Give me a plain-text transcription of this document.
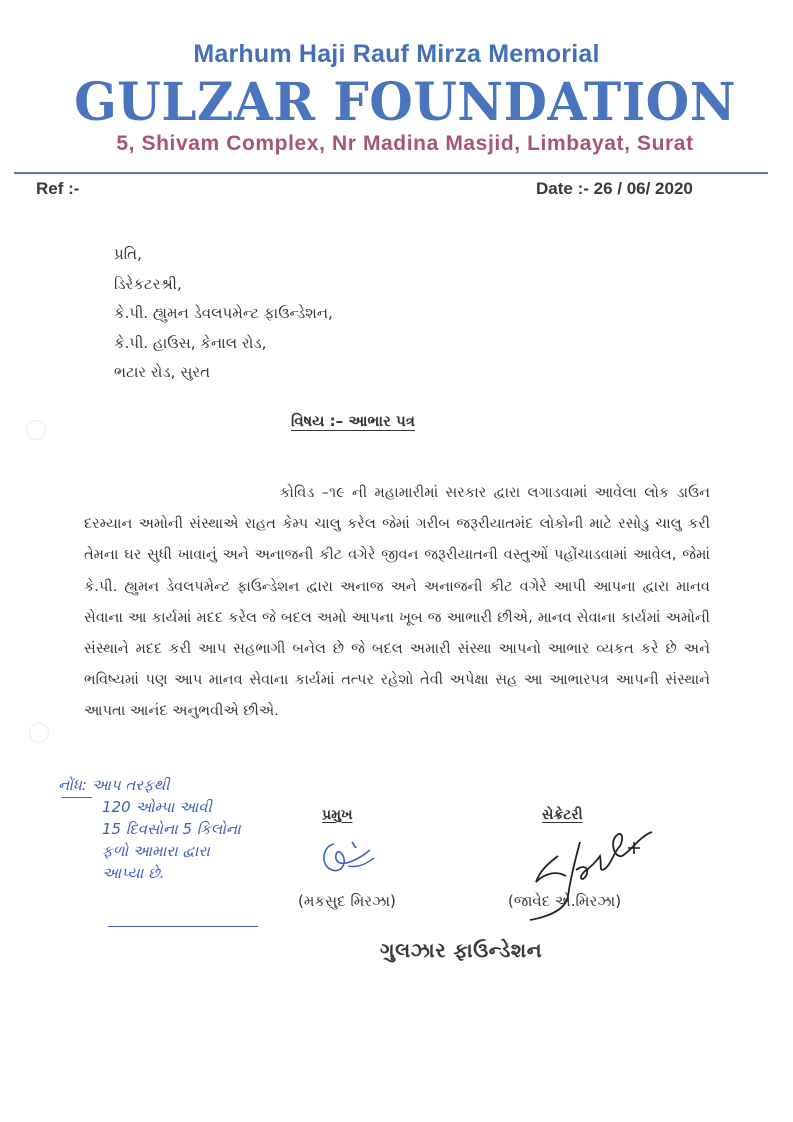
Marhum Haji Rauf Mirza Memorial
GULZAR FOUNDATION
5, Shivam Complex, Nr Madina Masjid, Limbayat, Surat
Ref :-	Date :- 26 / 06/ 2020
પ્રતિ,
ડિરેકટરશ્રી,
કે.પી. હ્યુમન ડેવલપમેન્ટ ફાઉન્ડેશન,
કે.પી. હાઉસ, કેનાલ રોડ,
ભટાર રોડ, સુરત
વિષય :– આભાર પત્ર
કોવિડ –૧૯ ની મહામારીમાં સરકાર દ્વારા લગાડવામાં આવેલા લોક ડાઉન દરમ્યાન અમોની સંસ્થાએ રાહત કેમ્પ ચાલુ કરેલ જેમાં ગરીબ જરૂરીયાતમંદ લોકોની માટે રસોડુ ચાલુ કરી તેમના ઘર સુધી ખાવાનું અને અનાજની કીટ વગેરે જીવન જરૂરીયાતની વસ્તુઓં પહોંચાડવામાં આવેલ, જેમાં કે.પી. હ્યુમન ડેવલપમેન્ટ ફાઉન્ડેશન દ્વારા અનાજ અને અનાજની કીટ વગેરે આપી આપના દ્વારા માનવ સેવાના આ કાર્યમાં મદદ કરેલ જે બદલ અમો આપના ખૂબ જ આભારી છીએ, માનવ સેવાના કાર્યમાં અમોની સંસ્થાને મદદ કરી આપ સહભાગી બનેલ છે જે બદલ અમારી સંસ્થા આપનો આભાર વ્યકત કરે છે અને ભવિષ્યમાં પણ આપ માનવ સેવાના કાર્યમાં તત્પર રહેશો તેવી અપેક્ષા સહ આ આભારપત્ર આપની સંસ્થાને આપતા આનંદ અનુભવીએ છીએ.
નોંધ: આપ તરફથી
120 ઓમ્પા આવી
15 દિવસોના 5 કિલોના
ફળો આમારા દ્વારા
આપ્યા છે.
પ્રમુખ
(મકસુદ મિરઝા)
સેક્રેટરી
(જાવેદ એ.મિરઝા)
ગુલઝાર ફાઉન્ડેશન
